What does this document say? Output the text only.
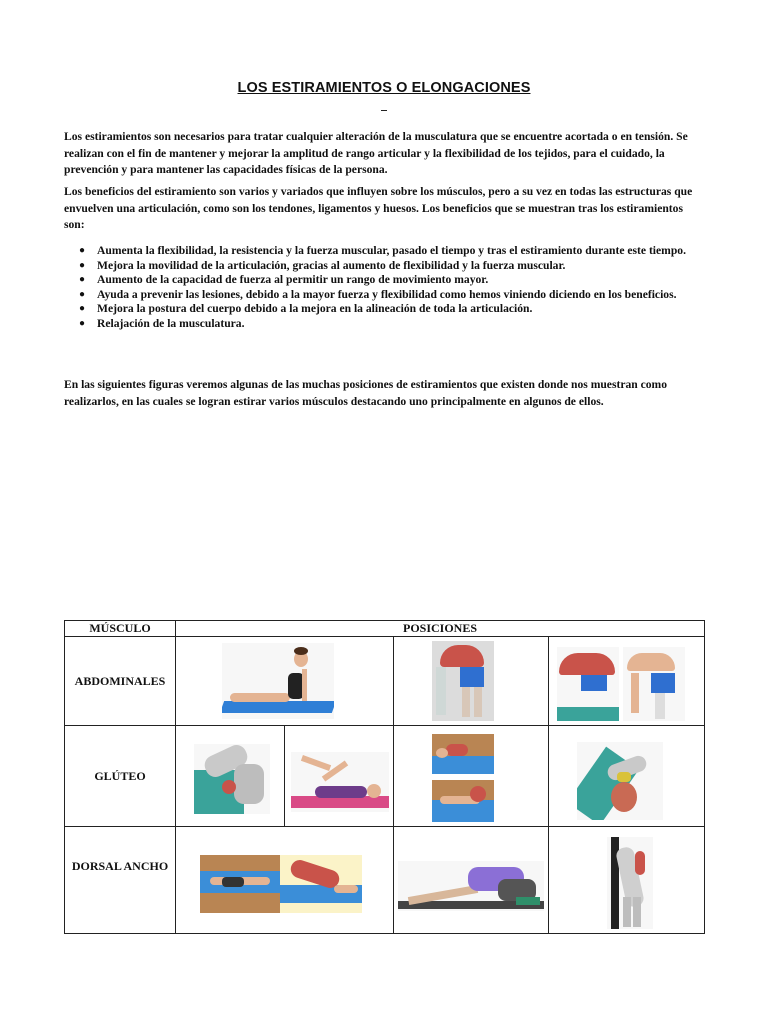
LOS ESTIRAMIENTOS O ELONGACIONES

Los estiramientos son necesarios para tratar cualquier alteración de la musculatura que se encuentre acortada o en tensión. Se realizan con el fin de mantener y mejorar la amplitud de rango articular y la flexibilidad de los tejidos, para el cuidado, la prevención y para mantener las capacidades físicas de la persona.

Los beneficios del estiramiento son varios y variados que influyen sobre los músculos, pero a su vez en todas las estructuras que envuelven una articulación, como son los tendones, ligamentos y huesos. Los beneficios que se muestran tras los estiramientos son:

● Aumenta la flexibilidad, la resistencia y la fuerza muscular, pasado el tiempo y tras el estiramiento durante este tiempo.
● Mejora la movilidad de la articulación, gracias al aumento de flexibilidad y la fuerza muscular.
● Aumento de la capacidad de fuerza al permitir un rango de movimiento mayor.
● Ayuda a prevenir las lesiones, debido a la mayor fuerza y flexibilidad como hemos viniendo diciendo en los beneficios.
● Mejora la postura del cuerpo debido a la mejora en la alineación de toda la articulación.
● Relajación de la musculatura.

En las siguientes figuras veremos algunas de las muchas posiciones de estiramientos que existen donde nos muestran como realizarlos, en las cuales se logran estirar varios músculos destacando uno principalmente en algunos de ellos.

MÚSCULO	POSICIONES			
ABDOMINALES		

GLÚTEO	

DORSAL ANCHO		
